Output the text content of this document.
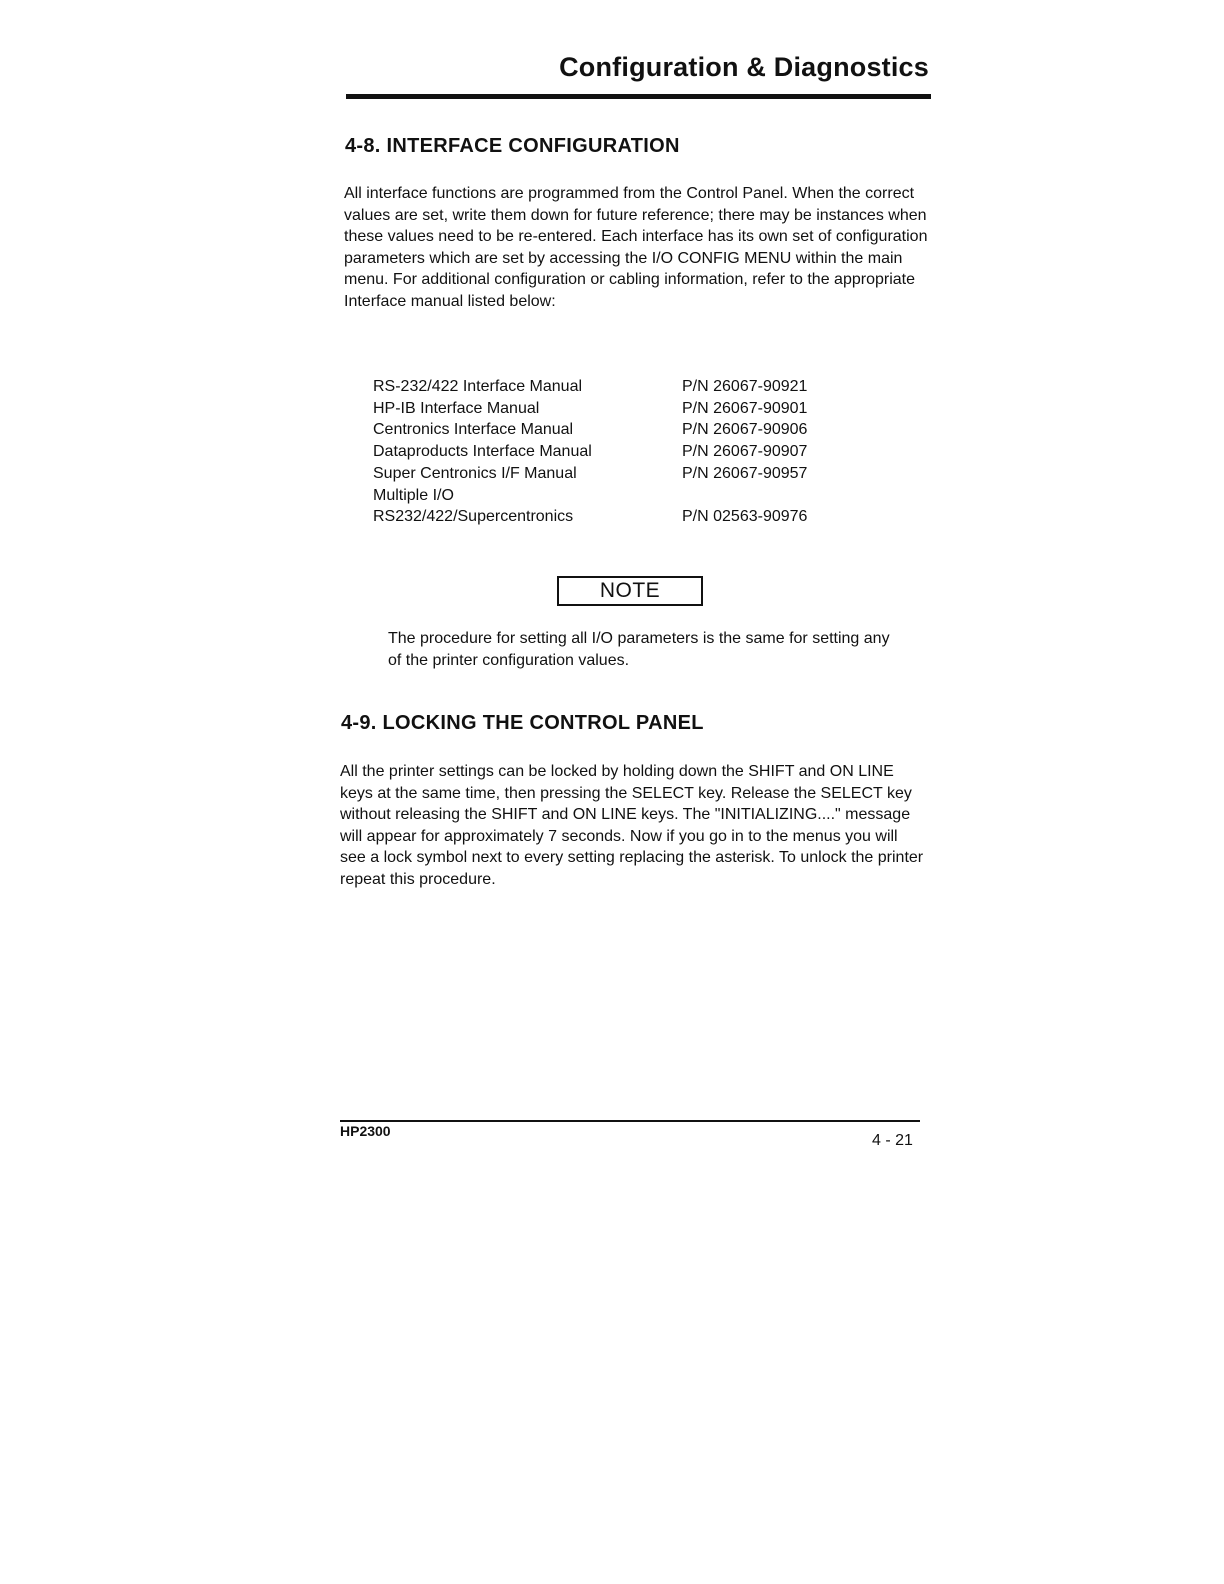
Configuration & Diagnostics
4-8. INTERFACE CONFIGURATION

All interface functions are programmed from the Control Panel. When the correct values are set, write them down for future reference; there may be instances when these values need to be re-entered. Each interface has its own set of configuration parameters which are set by accessing the I/O CONFIG MENU within the main menu. For additional configuration or cabling information, refer to the appropriate Interface manual listed below:

RS-232/422 Interface Manual	P/N 26067-90921
HP-IB Interface Manual	P/N 26067-90901
Centronics Interface Manual	P/N 26067-90906
Dataproducts Interface Manual	P/N 26067-90907
Super Centronics I/F Manual	P/N 26067-90957
Multiple I/O
RS232/422/Supercentronics	P/N 02563-90976
NOTE

The procedure for setting all I/O parameters is the same for setting any of the printer configuration values.

4-9. LOCKING THE CONTROL PANEL

All the printer settings can be locked by holding down the SHIFT and ON LINE keys at the same time, then pressing the SELECT key. Release the SELECT key without releasing the SHIFT and ON LINE keys. The "INITIALIZING...." message will appear for approximately 7 seconds. Now if you go in to the menus you will see a lock symbol next to every setting replacing the asterisk. To unlock the printer repeat this procedure.

HP2300
4 - 21
